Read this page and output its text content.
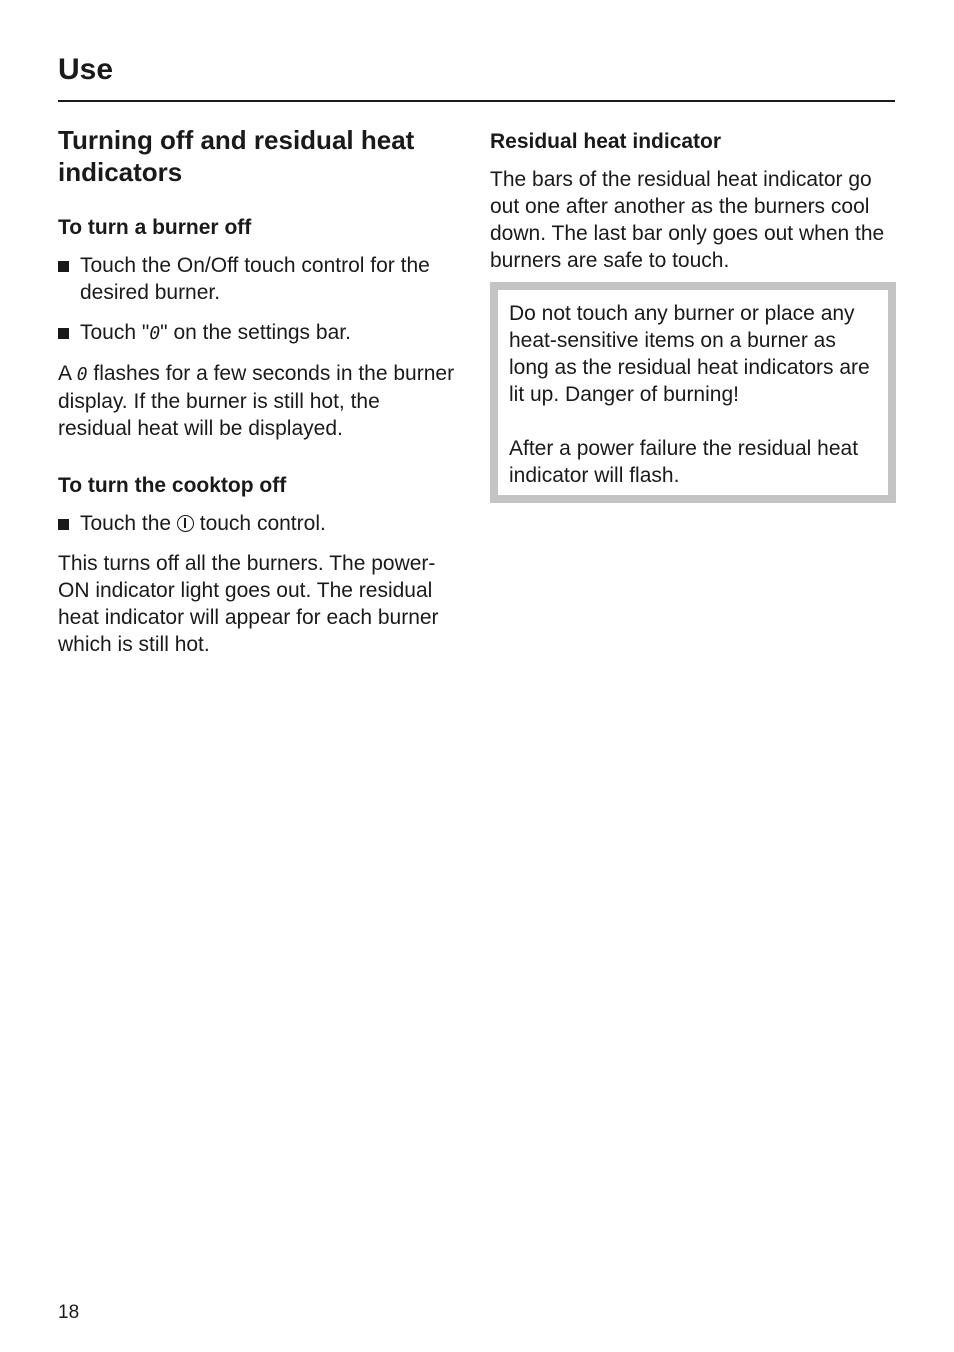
Use
Turning off and residual heat indicators
To turn a burner off
Touch the On/Off touch control for the desired burner.
Touch "0" on the settings bar.

A 0 flashes for a few seconds in the burner display. If the burner is still hot, the residual heat will be displayed.

To turn the cooktop off
Touch the  touch control.

This turns off all the burners. The power-ON indicator light goes out. The residual heat indicator will appear for each burner which is still hot.

Residual heat indicator

The bars of the residual heat indicator go out one after another as the burners cool down. The last bar only goes out when the burners are safe to touch.

Do not touch any burner or place any heat-sensitive items on a burner as long as the residual heat indicators are lit up. Danger of burning!

After a power failure the residual heat indicator will flash.

18
